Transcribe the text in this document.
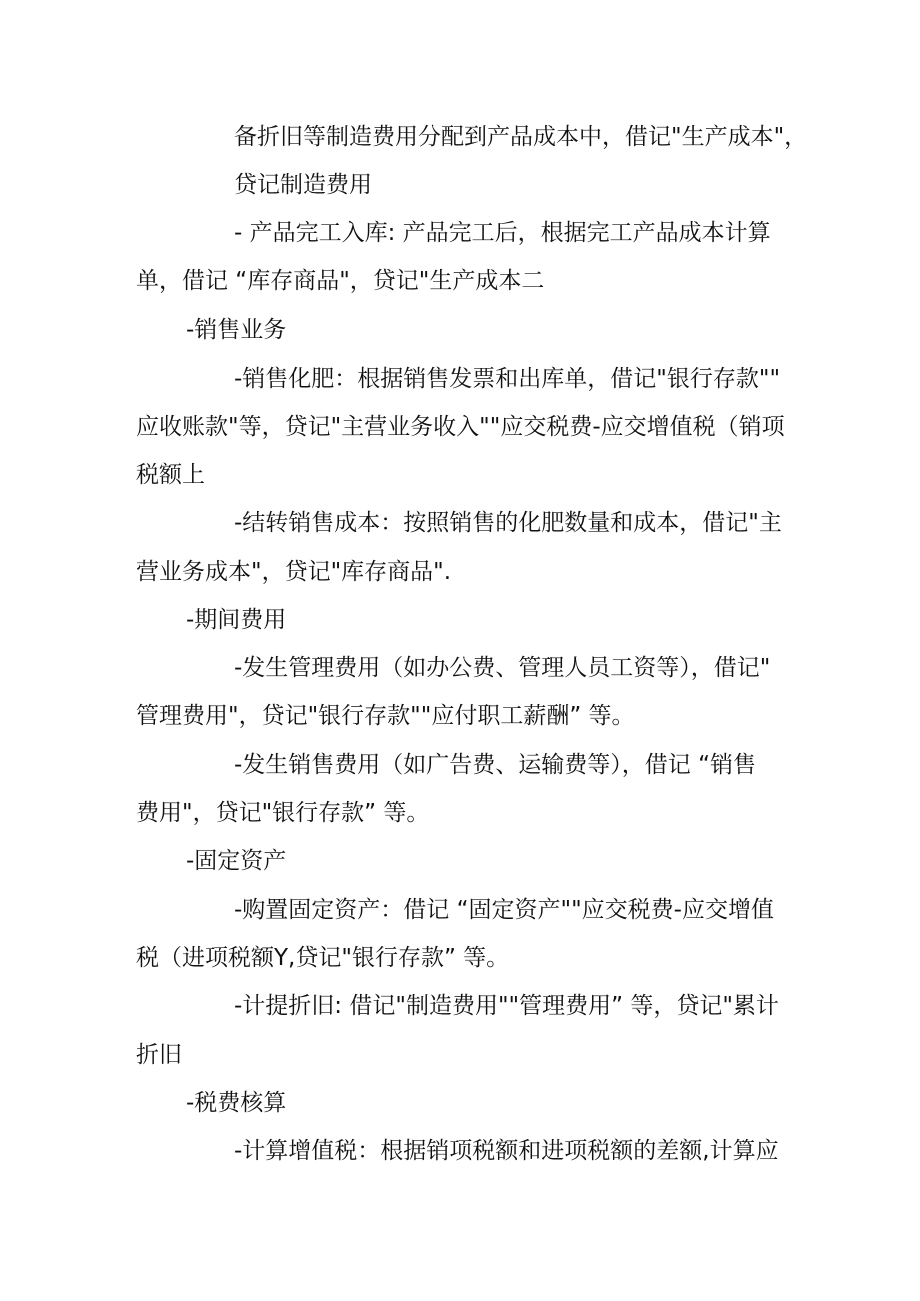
备折旧等制造费用分配到产品成本中，借记"生产成本"，
贷记制造费用
- 产品完工入库: 产品完工后，根据完工产品成本计算
单，借记 “库存商品"，贷记"生产成本二
-销售业务
-销售化肥：根据销售发票和出库单，借记"银行存款""
应收账款"等，贷记"主营业务收入""应交税费-应交增值税（销项
税额上
-结转销售成本：按照销售的化肥数量和成本，借记"主
营业务成本"，贷记"库存商品".
-期间费用
-发生管理费用（如办公费、管理人员工资等），借记"
管理费用"，贷记"银行存款""应付职工薪酬” 等。
-发生销售费用（如广告费、运输费等），借记 “销售
费用"，贷记"银行存款” 等。
-固定资产
-购置固定资产：借记 “固定资产""应交税费-应交增值
税（进项税额Y,贷记"银行存款” 等。
-计提折旧: 借记"制造费用""管理费用” 等，贷记"累计
折旧
-税费核算
-计算增值税：根据销项税额和进项税额的差额,计算应
